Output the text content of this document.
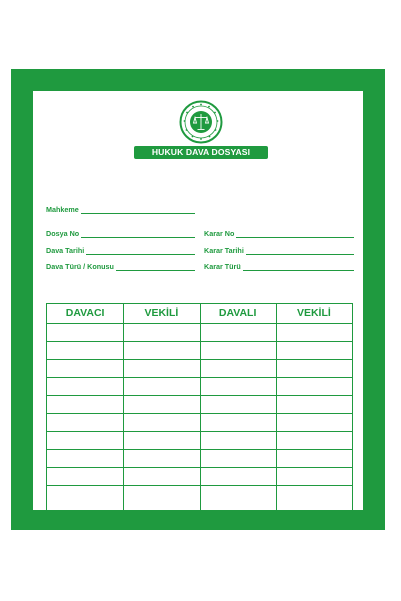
HUKUK DAVA DOSYASI
Mahkeme
Dosya No	Karar No
Dava Tarihi	Karar Tarihi
Dava Türü / Konusu	Karar Türü
DAVACI	VEKİLİ	DAVALI	VEKİLİ
